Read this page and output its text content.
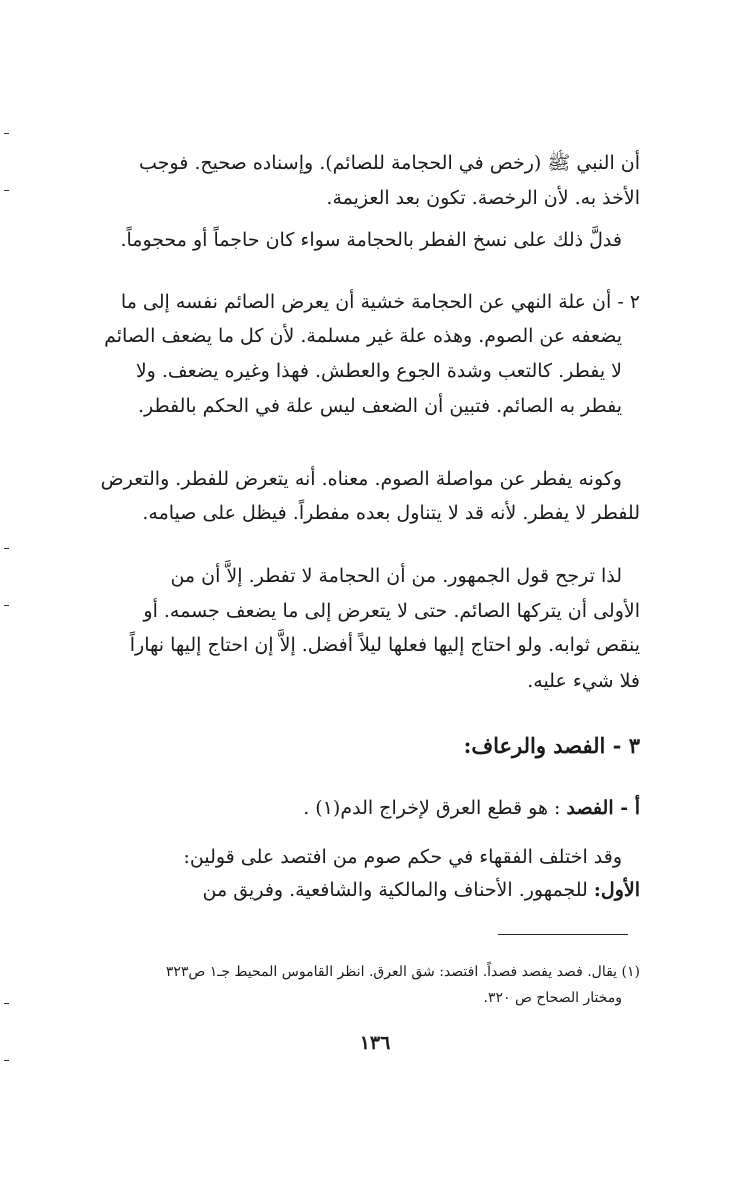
أن النبي ﷺ (رخص في الحجامة للصائم). وإسناده صحيح. فوجب
الأخذ به. لأن الرخصة. تكون بعد العزيمة.
فدلَّ ذلك على نسخ الفطر بالحجامة سواء كان حاجماً أو محجوماً.
٢ - أن علة النهي عن الحجامة خشية أن يعرض الصائم نفسه إلى ما
يضعفه عن الصوم. وهذه علة غير مسلمة. لأن كل ما يضعف الصائم
لا يفطر. كالتعب وشدة الجوع والعطش. فهذا وغيره يضعف. ولا
يفطر به الصائم. فتبين أن الضعف ليس علة في الحكم بالفطر.
وكونه يفطر عن مواصلة الصوم. معناه. أنه يتعرض للفطر. والتعرض
للفطر لا يفطر. لأنه قد لا يتناول بعده مفطراً. فيظل على صيامه.
لذا ترجح قول الجمهور. من أن الحجامة لا تفطر. إلاَّ أن من
الأولى أن يتركها الصائم. حتى لا يتعرض إلى ما يضعف جسمه. أو
ينقص ثوابه. ولو احتاج إليها فعلها ليلاً أفضل. إلاَّ إن احتاج إليها نهاراً
فلا شيء عليه.
٣ - الفصد والرعاف:
أ - الفصد : هو قطع العرق لإخراج الدم(١) .
وقد اختلف الفقهاء في حكم صوم من افتصد على قولين:
الأول: للجمهور. الأحناف والمالكية والشافعية. وفريق من
(١) يقال. فصد يفصد فصداً. افتصد: شق العرق. انظر القاموس المحيط جـ١ ص٣٢٣
ومختار الصحاح ص ٣٢٠.
١٣٦
